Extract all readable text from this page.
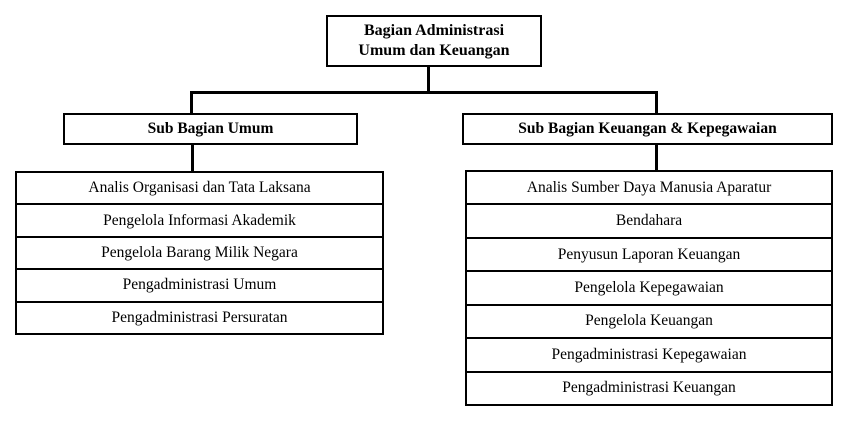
Bagian Administrasi
Umum dan Keuangan
Sub Bagian Umum	Sub Bagian Keuangan & Kepegawaian
Analis Organisasi dan Tata Laksana
Pengelola Informasi Akademik
Pengelola Barang Milik Negara
Pengadministrasi Umum
Pengadministrasi Persuratan
Analis Sumber Daya Manusia Aparatur
Bendahara
Penyusun Laporan Keuangan
Pengelola Kepegawaian
Pengelola Keuangan
Pengadministrasi Kepegawaian
Pengadministrasi Keuangan
